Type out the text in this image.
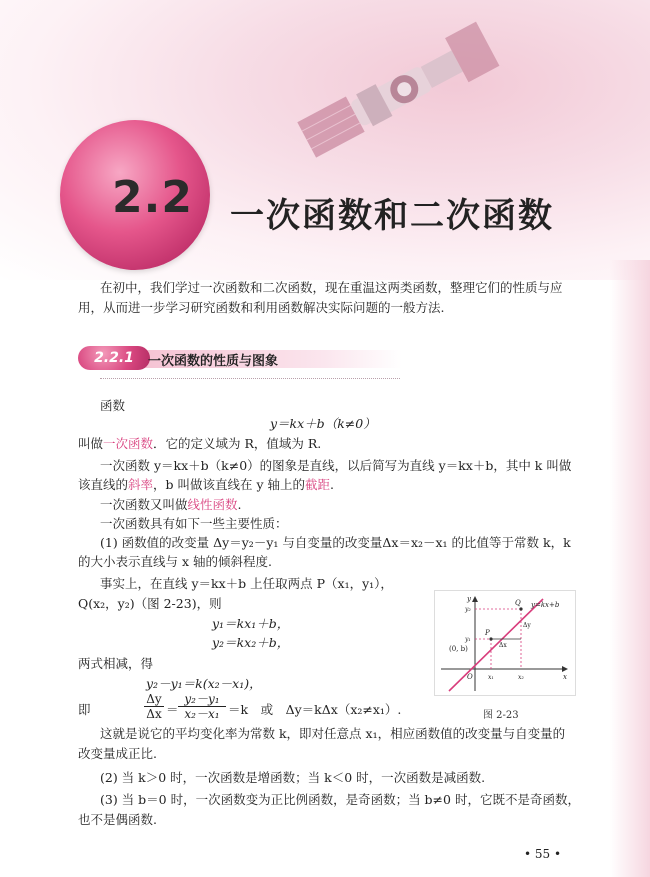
2.2 一次函数和二次函数

在初中，我们学过一次函数和二次函数，现在重温这两类函数，整理它们的性质与应

用，从而进一步学习研究函数和利用函数解决实际问题的一般方法.

2.2.1	一次函数的性质与图象

函数

y＝kx＋b（k≠0）

叫做一次函数．它的定义域为 R，值域为 R.

一次函数 y＝kx＋b（k≠0）的图象是直线，以后简写为直线 y＝kx＋b，其中 k 叫做

该直线的斜率，b 叫做该直线在 y 轴上的截距.

一次函数又叫做线性函数.

一次函数具有如下一些主要性质：

(1) 函数值的改变量 Δy＝y₂－y₁ 与自变量的改变量Δx＝x₂－x₁ 的比值等于常数 k，k

的大小表示直线与 x 轴的倾斜程度.

事实上，在直线 y＝kx＋b 上任取两点 P（x₁，y₁），

Q(x₂，y₂)（图 2-23)，则

y₁＝kx₁＋b，

y₂＝kx₂＋b，

两式相减，得

y₂－y₁＝k(x₂－x₁)，

即	$\frac{\Delta y}{\Delta x} = \frac{\text{y₂－y₁}}{\text{x₂－x₁}} =k$　或　Δy＝kΔx（x₂≠x₁）.

y=kx+b
y
x
O
P
Q
(0, b)
y₁
y₂
x₁	x₂
Δx
Δy
图 2-23

这就是说它的平均变化率为常数 k，即对任意点 x₁，相应函数值的改变量与自变量的

改变量成正比.

(2) 当 k＞0 时，一次函数是增函数；当 k＜0 时，一次函数是减函数.

(3) 当 b＝0 时，一次函数变为正比例函数，是奇函数；当 b≠0 时，它既不是奇函数，

也不是偶函数.

• 55 •
